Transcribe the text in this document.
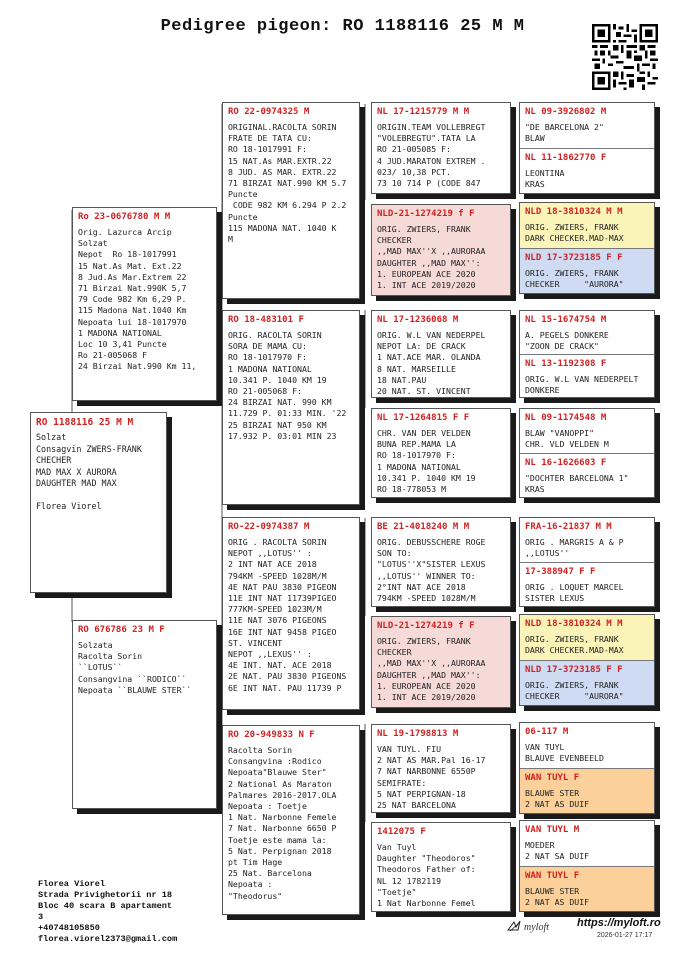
Pedigree pigeon: RO 1188116 25 M M
RO 1188116 25 M M
Solzat
Consagvin ZWERS-FRANK
CHECHER
MAD MAX X AURORA
DAUGHTER MAD MAX

Florea Viorel
Ro 23-0676780 M M
Orig. Lazurca Arcip
Solzat
Nepot  Ro 18-1017991
15 Nat.As Mat. Ext.22
8 Jud.As Mar.Extrem 22
71 Birzai Nat.990K 5,7
79 Code 982 Km 6,29 P.
115 Madona Nat.1040 Km
Nepoata lui 18-1017970
1 MADONA NATIONAL
Loc 10 3,41 Puncte
Ro 21-005068 F
24 Birzai Nat.990 Km 11,
RO 676786 23 M F
Solzata
Racolta Sorin
``LOTUS``
Consangvina ``RODICO``
Nepoata ``BLAUWE STER``
RO 22-0974325 M
ORIGINAL.RACOLTA SORIN
FRATE DE TATA CU:
RO 18-1017991 F:
15 NAT.As MAR.EXTR.22
8 JUD. AS MAR. EXTR.22
71 BIRZAI NAT.990 KM 5.7
Puncte
CODE 982 KM 6.294 P 2.2
Puncte
115 MADONA NAT. 1040 K
M
RO 18-483101 F
ORIG. RACOLTA SORIN
SORA DE MAMA CU:
RO 18-1017970 F:
1 MADONA NATIONAL
10.341 P. 1040 KM 19
RO 21-005068 F:
24 BIRZAI NAT. 990 KM
11.729 P. 01:33 MIN. '22
25 BIRZAI NAT 950 KM
17.932 P. 03:01 MIN 23
RO-22-0974387 M
ORIG . RACOLTA SORIN
NEPOT ,,LOTUS'' :
2 INT NAT ACE 2018
794KM -SPEED 1028M/M
4E NAT PAU 3830 PIGEON
11E INT NAT 11739PIGEO
777KM-SPEED 1023M/M
11E NAT 3076 PIGEONS
16E INT NAT 9458 PIGEO
ST. VINCENT
NEPOT ,,LEXUS'' :
4E INT. NAT. ACE 2018
2E NAT. PAU 3830 PIGEONS
6E INT NAT. PAU 11739 P
RO 20-949833 N F
Racolta Sorin
Consangvina :Rodico
Nepoata"Blauwe Ster"
2 National As Maraton
Palmares 2016-2017.OLA
Nepoata : Toetje
1 Nat. Narbonne Femele
7 Nat. Narbonne 6650 P
Toetje este mama la:
5 Nat. Perpignan 2018
pt Tim Hage
25 Nat. Barcelona
Nepoata :
"Theodorus"
NL 17-1215779 M M
ORIGIN.TEAM VOLLEBREGT
"VOLEBREGTU".TATA LA
RO 21-005085 F:
4 JUD.MARATON EXTREM .
023/ 10,38 PCT.
73 10 714 P (CODE 847
NLD-21-1274219 f F
ORIG. ZWIERS, FRANK
CHECKER
,,MAD MAX''X ,,AURORAA
DAUGHTER ,,MAD MAX'':
1. EUROPEAN ACE 2020
1. INT ACE 2019/2020
NL 17-1236068 M
ORIG. W.L VAN NEDERPEL
NEPOT LA: DE CRACK
1 NAT.ACE MAR. OLANDA
8 NAT. MARSEILLE
18 NAT.PAU
20 NAT. ST. VINCENT
NL 17-1264815 F F
CHR. VAN DER VELDEN
BUNA REP.MAMA LA
RO 18-1017970 F:
1 MADONA NATIONAL
10.341 P. 1040 KM 19
RO 18-778053 M
BE 21-4018240 M M
ORIG. DEBUSSCHERE ROGE
SON TO:
"LOTUS''X"SISTER LEXUS
,,LOTUS'' WINNER TO:
2°INT NAT ACE 2018
794KM -SPEED 1028M/M
NLD-21-1274219 f F
ORIG. ZWIERS, FRANK
CHECKER
,,MAD MAX''X ,,AURORAA
DAUGHTER ,,MAD MAX'':
1. EUROPEAN ACE 2020
1. INT ACE 2019/2020
NL 19-1798813 M
VAN TUYL. FIU
2 NAT AS MAR.Pal 16-17
7 NAT NARBONNE 6550P
SEMIFRATE:
5 NAT PERPIGNAN-18
25 NAT BARCELONA
1412075 F
Van Tuyl
Daughter "Theodoros"
Theodoros Father of:
NL 12 1782119
"Toetje"
1 Nat Narbonne Femel
NL 09-3926802 M
"DE BARCELONA 2"
BLAW
NL 11-1862770 F
LEONTINA
KRAS
NLD 18-3810324 M M
ORIG. ZWIERS, FRANK
DARK CHECKER.MAD-MAX
NLD 17-3723185 F F
ORIG. ZWIERS, FRANK
CHECKER     "AURORA"
NL 15-1674754 M
A. PEGELS DONKERE
"ZOON DE CRACK"
NL 13-1192308 F
ORIG. W.L VAN NEDERPELT
DONKERE
NL 09-1174548 M
BLAW "VANOPPI"
CHR. VLD VELDEN M
NL 16-1626603 F
"DOCHTER BARCELONA 1"
KRAS
FRA-16-21837 M M
ORIG . MARGRIS A & P
,,LOTUS''
17-388947 F F
ORIG . LOQUET MARCEL
SISTER LEXUS
NLD 18-3810324 M M
ORIG. ZWIERS, FRANK
DARK CHECKER.MAD-MAX
NLD 17-3723185 F F
ORIG. ZWIERS, FRANK
CHECKER     "AURORA"
06-117 M
VAN TUYL
BLAUVE EVENBEELD
WAN TUYL F
BLAUWE STER
2 NAT AS DUIF
VAN TUYL M
MOEDER
2 NAT SA DUIF
WAN TUYL F
BLAUWE STER
2 NAT AS DUIF
Florea Viorel
Strada Privighetorii nr 18
Bloc 40 scara B apartament
3
+40748105850
florea.viorel2373@gmail.com
myloft	https://myloft.ro
2026-01-27 17:17
